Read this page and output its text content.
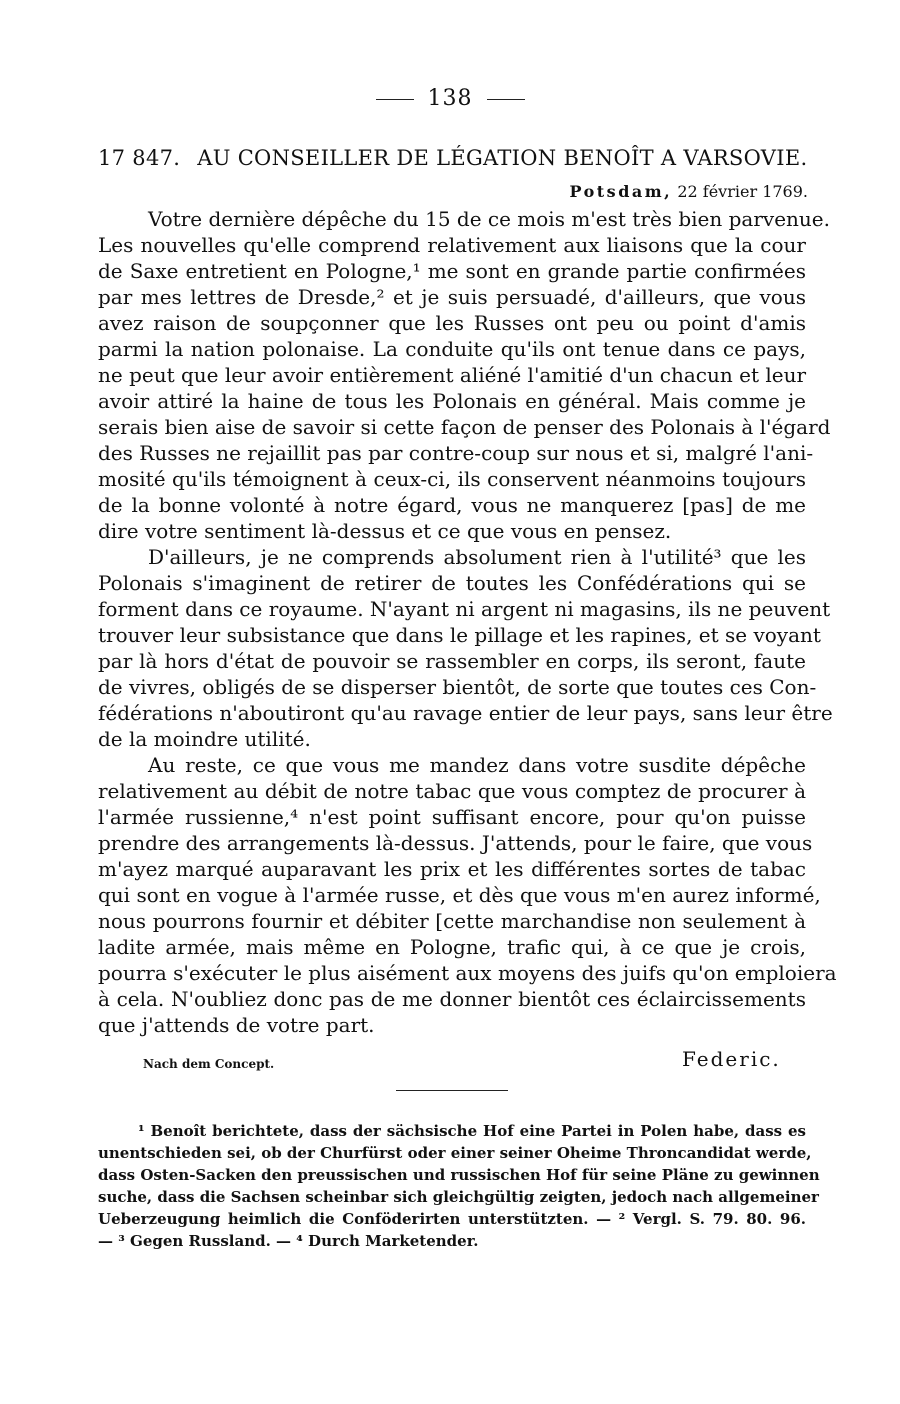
138
17 847. AU CONSEILLER DE LÉGATION BENOÎT A VARSOVIE.
Potsdam, 22 février 1769.
Votre dernière dépêche du 15 de ce mois m'est très bien parvenue.
Les nouvelles qu'elle comprend relativement aux liaisons que la cour
de Saxe entretient en Pologne,¹ me sont en grande partie confirmées
par mes lettres de Dresde,² et je suis persuadé, d'ailleurs, que vous
avez raison de soupçonner que les Russes ont peu ou point d'amis
parmi la nation polonaise. La conduite qu'ils ont tenue dans ce pays,
ne peut que leur avoir entièrement aliéné l'amitié d'un chacun et leur
avoir attiré la haine de tous les Polonais en général. Mais comme je
serais bien aise de savoir si cette façon de penser des Polonais à l'égard
des Russes ne rejaillit pas par contre-coup sur nous et si, malgré l'ani-
mosité qu'ils témoignent à ceux-ci, ils conservent néanmoins toujours
de la bonne volonté à notre égard, vous ne manquerez [pas] de me
dire votre sentiment là-dessus et ce que vous en pensez.
D'ailleurs, je ne comprends absolument rien à l'utilité³ que les
Polonais s'imaginent de retirer de toutes les Confédérations qui se
forment dans ce royaume. N'ayant ni argent ni magasins, ils ne peuvent
trouver leur subsistance que dans le pillage et les rapines, et se voyant
par là hors d'état de pouvoir se rassembler en corps, ils seront, faute
de vivres, obligés de se disperser bientôt, de sorte que toutes ces Con-
fédérations n'aboutiront qu'au ravage entier de leur pays, sans leur être
de la moindre utilité.
Au reste, ce que vous me mandez dans votre susdite dépêche
relativement au débit de notre tabac que vous comptez de procurer à
l'armée russienne,⁴ n'est point suffisant encore, pour qu'on puisse
prendre des arrangements là-dessus. J'attends, pour le faire, que vous
m'ayez marqué auparavant les prix et les différentes sortes de tabac
qui sont en vogue à l'armée russe, et dès que vous m'en aurez informé,
nous pourrons fournir et débiter [cette marchandise non seulement à
ladite armée, mais même en Pologne, trafic qui, à ce que je crois,
pourra s'exécuter le plus aisément aux moyens des juifs qu'on emploiera
à cela. N'oubliez donc pas de me donner bientôt ces éclaircissements
que j'attends de votre part.
Nach dem Concept.	Federic.
¹ Benoît berichtete, dass der sächsische Hof eine Partei in Polen habe, dass es
unentschieden sei, ob der Churfürst oder einer seiner Oheime Throncandidat werde,
dass Osten-Sacken den preussischen und russischen Hof für seine Pläne zu gewinnen
suche, dass die Sachsen scheinbar sich gleichgültig zeigten, jedoch nach allgemeiner
Ueberzeugung heimlich die Conföderirten unterstützten. — ² Vergl. S. 79. 80. 96.
— ³ Gegen Russland. — ⁴ Durch Marketender.
